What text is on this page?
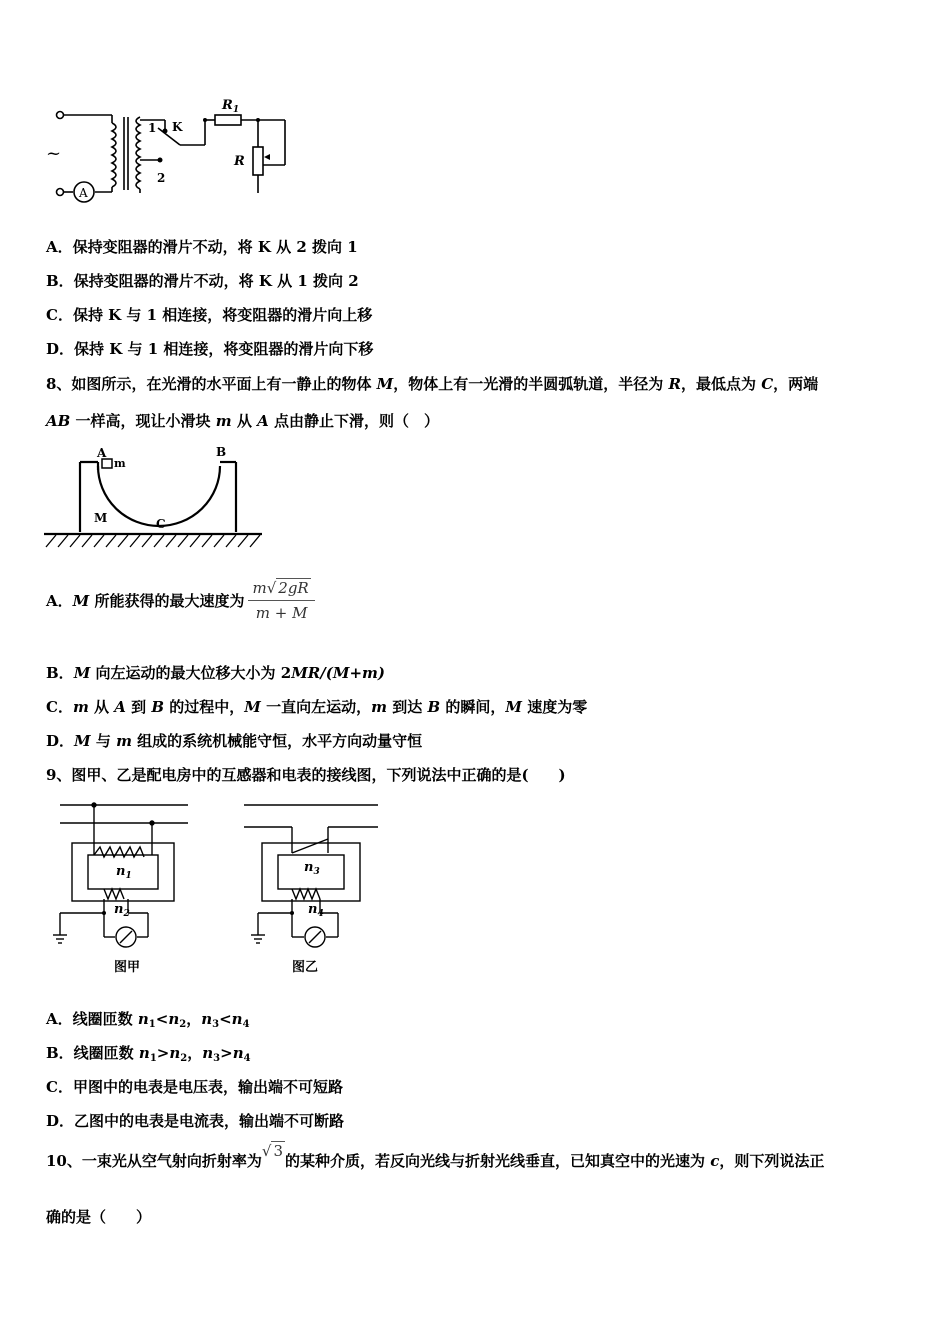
A
~
1 K
2
$R_1$
R
A．保持变阻器的滑片不动，将 K 从 2 拨向 1
B．保持变阻器的滑片不动，将 K 从 1 拨向 2
C．保持 K 与 1 相连接，将变阻器的滑片向上移
D．保持 K 与 1 相连接，将变阻器的滑片向下移
8、如图所示，在光滑的水平面上有一静止的物体 M，物体上有一光滑的半圆弧轨道，半径为 R，最低点为 C，两端
AB 一样高，现让小滑块 m 从 A 点由静止下滑，则（　）
A
m
B
M	C
A．M 所能获得的最大速度为 $\frac{m√ 2gR}{m + M}$
B．M 向左运动的最大位移大小为 2MR/(M+m)
C．m 从 A 到 B 的过程中，M 一直向左运动，m 到达 B 的瞬间，M 速度为零
D．M 与 m 组成的系统机械能守恒，水平方向动量守恒
9、图甲、乙是配电房中的互感器和电表的接线图，下列说法中正确的是(　　)
$n_1$
$n_2$
$n_3$
$n_4$
图甲	图乙
A．线圈匝数 $n_1<n_2$，$n_3<n_4$
B．线圈匝数 $n_1>n_2$，$n_3>n_4$
C．甲图中的电表是电压表，输出端不可短路
D．乙图中的电表是电流表，输出端不可断路
10、一束光从空气射向折射率为√ 3的某种介质，若反向光线与折射光线垂直，已知真空中的光速为 c，则下列说法正
确的是（　　）
